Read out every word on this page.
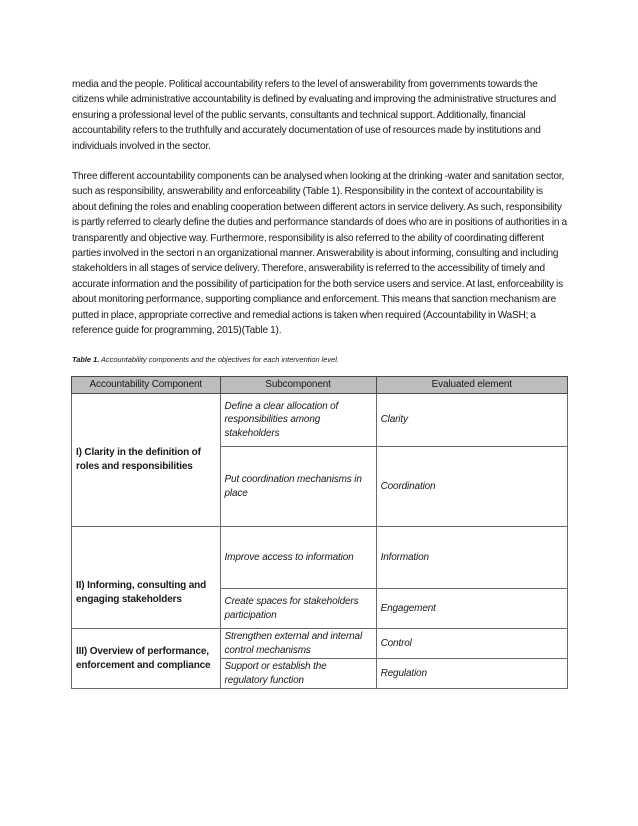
media and the people. Political accountability refers to the level of answerability from governments towards the citizens while administrative accountability is defined by evaluating and improving the administrative structures and ensuring a professional level of the public servants, consultants and technical support. Additionally, financial accountability refers to the truthfully and accurately documentation of use of resources made by institutions and individuals involved in the sector.

Three different accountability components can be analysed when looking at the drinking -water and sanitation sector, such as responsibility, answerability and enforceability (Table 1). Responsibility in the context of accountability is about defining the roles and enabling cooperation between different actors in service delivery. As such, responsibility is partly referred to clearly define the duties and performance standards of does who are in positions of authorities in a transparently and objective way. Furthermore, responsibility is also referred to the ability of coordinating different parties involved in the sectori n an organizational manner. Answerability is about informing, consulting and including stakeholders in all stages of service delivery. Therefore, answerability is referred to the accessibility of timely and accurate information and the possibility of participation for the both service users and service. At last, enforceability is about monitoring performance, supporting compliance and enforcement. This means that sanction mechanism are putted in place, appropriate corrective and remedial actions is taken when required (Accountability in WaSH; a reference guide for programming, 2015)(Table 1).

Table 1. Accountability components and the objectives for each intervention level.

Accountability Component	Subcomponent	Evaluated element
I) Clarity in the definition of roles and responsibilities	Define a clear allocation of responsibilities among stakeholders	Clarity
	Put coordination mechanisms in place	Coordination
II) Informing, consulting and engaging stakeholders	Improve access to information	Information
	Create spaces for stakeholders participation	Engagement
III) Overview of performance, enforcement and compliance	Strengthen external and internal control mechanisms	Control
	Support or establish the regulatory function	Regulation
